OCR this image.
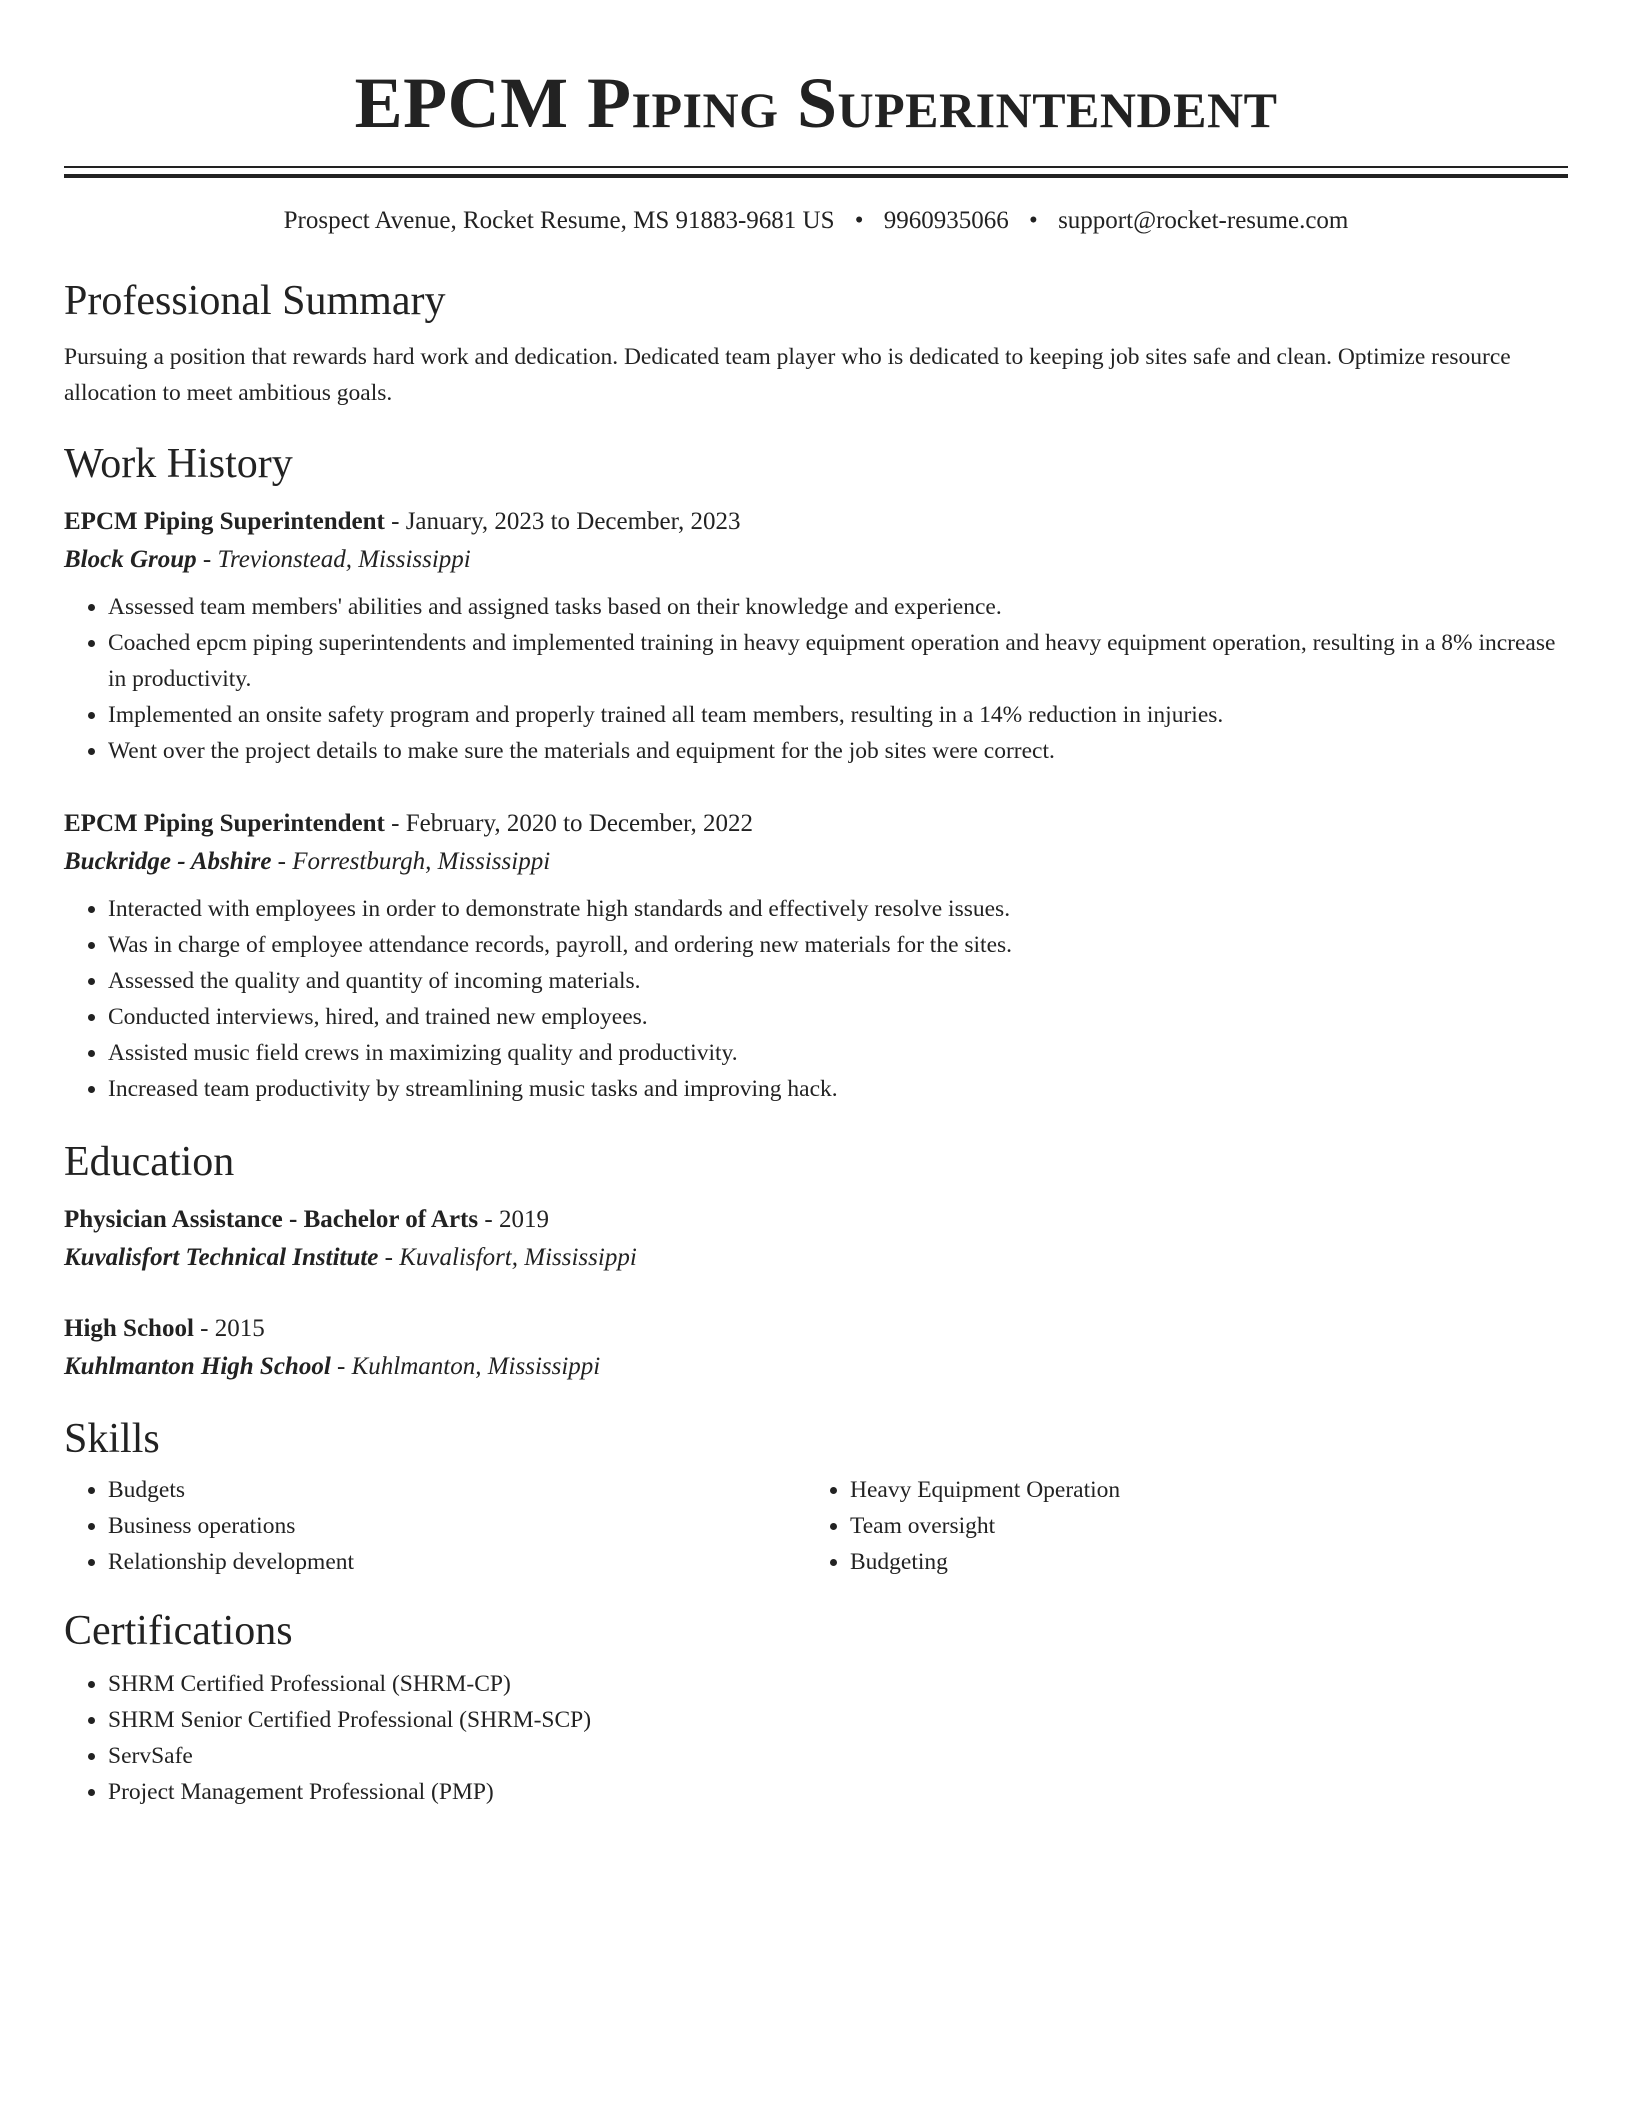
EPCM Piping Superintendent
Prospect Avenue, Rocket Resume, MS 91883-9681 US • 9960935066 • support@rocket-resume.com
Professional Summary
Pursuing a position that rewards hard work and dedication. Dedicated team player who is dedicated to keeping job sites safe and clean. Optimize resource allocation to meet ambitious goals.
Work History
EPCM Piping Superintendent - January, 2023 to December, 2023
Block Group - Trevionstead, Mississippi
• Assessed team members' abilities and assigned tasks based on their knowledge and experience.
• Coached epcm piping superintendents and implemented training in heavy equipment operation and heavy equipment operation, resulting in a 8% increase in productivity.
• Implemented an onsite safety program and properly trained all team members, resulting in a 14% reduction in injuries.
• Went over the project details to make sure the materials and equipment for the job sites were correct.
EPCM Piping Superintendent - February, 2020 to December, 2022
Buckridge - Abshire - Forrestburgh, Mississippi
• Interacted with employees in order to demonstrate high standards and effectively resolve issues.
• Was in charge of employee attendance records, payroll, and ordering new materials for the sites.
• Assessed the quality and quantity of incoming materials.
• Conducted interviews, hired, and trained new employees.
• Assisted music field crews in maximizing quality and productivity.
• Increased team productivity by streamlining music tasks and improving hack.
Education
Physician Assistance - Bachelor of Arts - 2019
Kuvalisfort Technical Institute - Kuvalisfort, Mississippi
High School - 2015
Kuhlmanton High School - Kuhlmanton, Mississippi
Skills
• Budgets
• Business operations
• Relationship development
• Heavy Equipment Operation
• Team oversight
• Budgeting
Certifications
• SHRM Certified Professional (SHRM-CP)
• SHRM Senior Certified Professional (SHRM-SCP)
• ServSafe
• Project Management Professional (PMP)
